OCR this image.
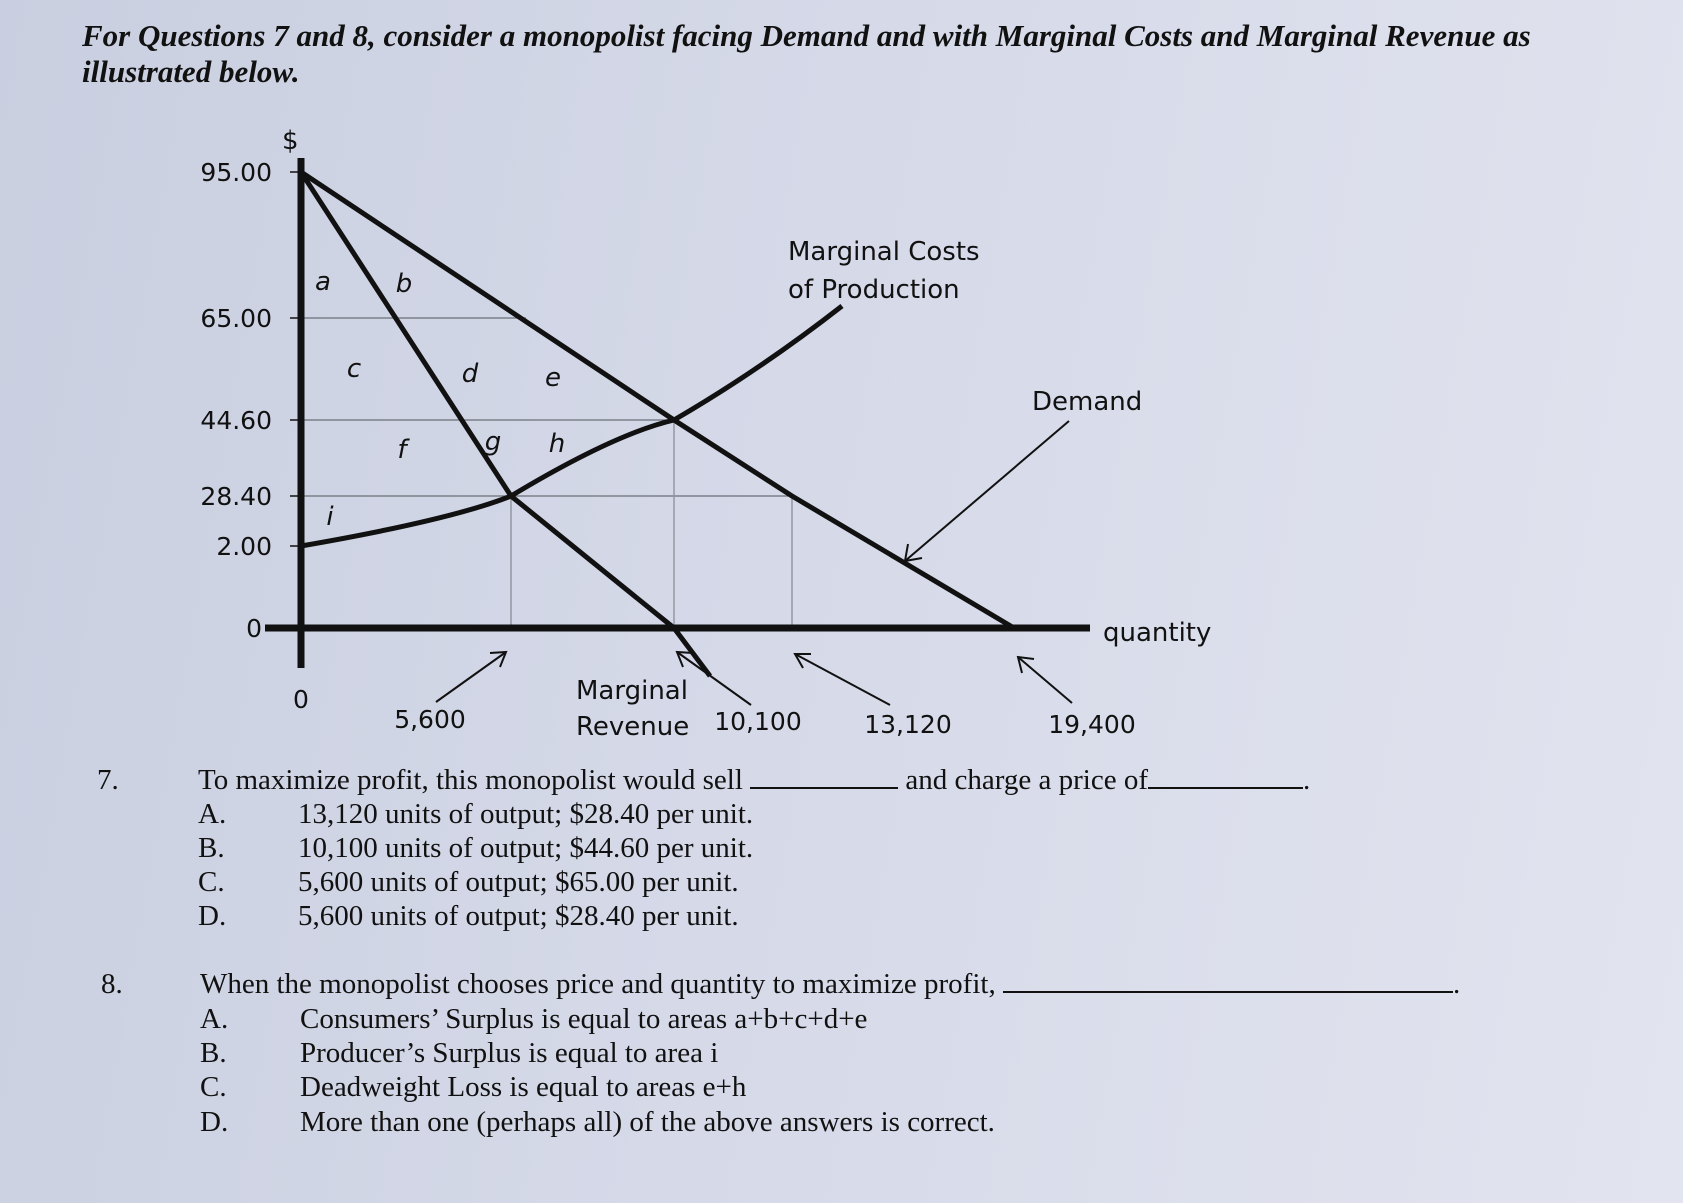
For Questions 7 and 8, consider a monopolist facing Demand and with Marginal Costs and Marginal Revenue as illustrated below.
$
95.00
65.00
44.60
28.40
2.00
0
0
5,600	10,100	13,120	19,400
quantity
Marginal Costs
of Production
Demand
Marginal
Revenue
a b
c	d	e
f	g h
i
7.	To maximize profit, this monopolist would sell	and charge a price of	.
A. 13,120 units of output; $28.40 per unit.
B.	10,100 units of output; $44.60 per unit.
C.	5,600 units of output; $65.00 per unit.
D. 5,600 units of output; $28.40 per unit.
8.	When the monopolist chooses price and quantity to maximize profit,	.
A. Consumers’ Surplus is equal to areas a+b+c+d+e
B.	Producer’s Surplus is equal to area i
C.	Deadweight Loss is equal to areas e+h
D. More than one (perhaps all) of the above answers is correct.
